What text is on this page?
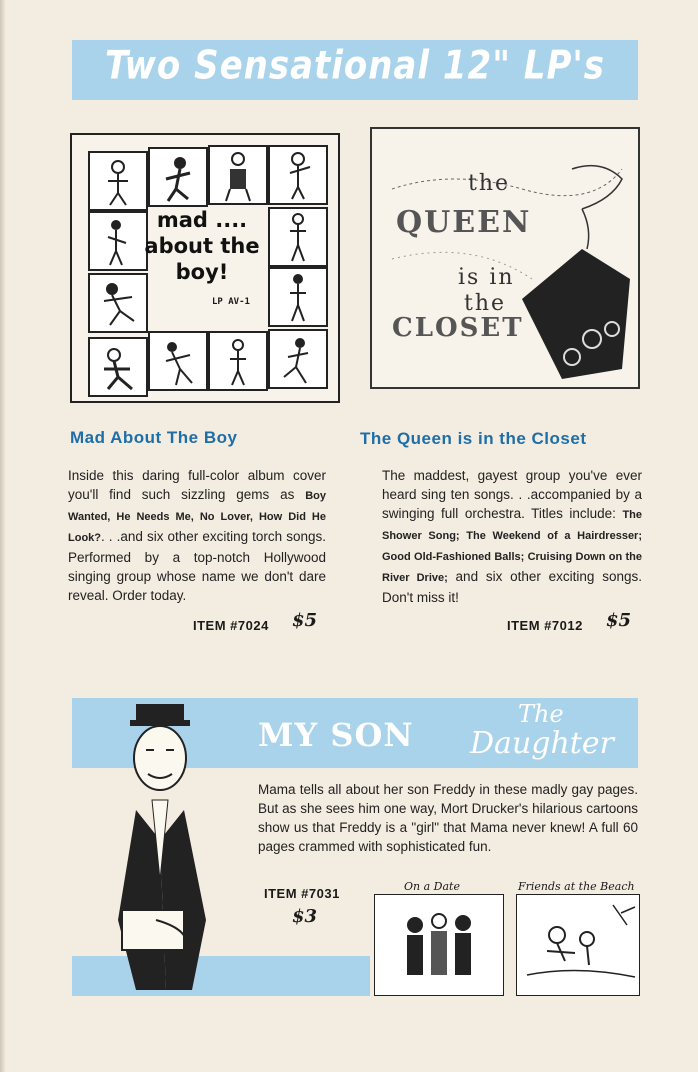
Two Sensational 12" LP's
mad ....
about the
boy!
LP AV-1
the
QUEEN
is in
the
CLOSET
Mad About The Boy	The Queen is in the Closet
Inside this daring full-color album cover you'll find such sizzling gems as Boy Wanted, He Needs Me, No Lover, How Did He Look?. . .and six other exciting torch songs. Performed by a top-notch Hollywood singing group whose name we don't dare reveal. Order today.
The maddest, gayest group you've ever heard sing ten songs. . .accompanied by a swinging full orchestra. Titles include: The Shower Song; The Weekend of a Hairdresser; Good Old-Fashioned Balls; Cruising Down on the River Drive; and six other exciting songs. Don't miss it!
ITEM #7024 $5	ITEM #7012 $5
MY SON
The
Daughter
Mama tells all about her son Freddy in these madly gay pages. But as she sees him one way, Mort Drucker's hilarious cartoons show us that Freddy is a "girl" that Mama never knew! A full 60 pages crammed with sophisticated fun.
ITEM #7031
$3
On a Date	Friends at the Beach
